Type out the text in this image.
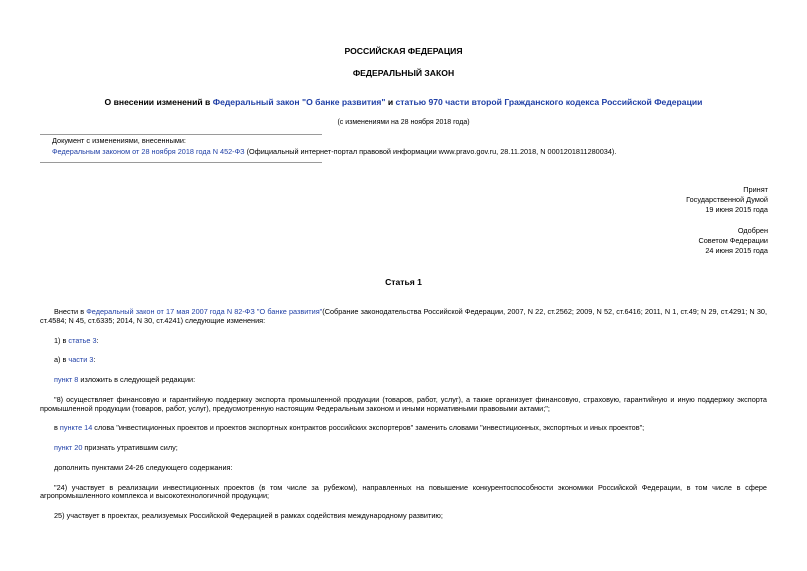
РОССИЙСКАЯ ФЕДЕРАЦИЯ
ФЕДЕРАЛЬНЫЙ ЗАКОН
О внесении изменений в Федеральный закон "О банке развития" и статью 970 части второй Гражданского кодекса Российской Федерации
(с изменениями на 28 ноября 2018 года)
Документ с изменениями, внесенными:
Федеральным законом от 28 ноября 2018 года N 452-ФЗ (Официальный интернет-портал правовой информации www.pravo.gov.ru, 28.11.2018, N 0001201811280034).
Принят
Государственной Думой
19 июня 2015 года
Одобрен
Советом Федерации
24 июня 2015 года
Статья 1

Внести в Федеральный закон от 17 мая 2007 года N 82-ФЗ "О банке развития"(Собрание законодательства Российской Федерации, 2007, N 22, ст.2562; 2009, N 52, ст.6416; 2011, N 1, ст.49; N 29, ст.4291; N 30, ст.4584; N 45, ст.6335; 2014, N 30, ст.4241) следующие изменения:

1) в статье 3:

а) в части 3:

пункт 8 изложить в следующей редакции:

"8) осуществляет финансовую и гарантийную поддержку экспорта промышленной продукции (товаров, работ, услуг), а также организует финансовую, страховую, гарантийную и иную поддержку экспорта промышленной продукции (товаров, работ, услуг), предусмотренную настоящим Федеральным законом и иными нормативными правовыми актами;";

в пункте 14 слова "инвестиционных проектов и проектов экспортных контрактов российских экспортеров" заменить словами "инвестиционных, экспортных и иных проектов";

пункт 20 признать утратившим силу;

дополнить пунктами 24-26 следующего содержания:

"24) участвует в реализации инвестиционных проектов (в том числе за рубежом), направленных на повышение конкурентоспособности экономики Российской Федерации, в том числе в сфере агропромышленного комплекса и высокотехнологичной продукции;

25) участвует в проектах, реализуемых Российской Федерацией в рамках содействия международному развитию;
